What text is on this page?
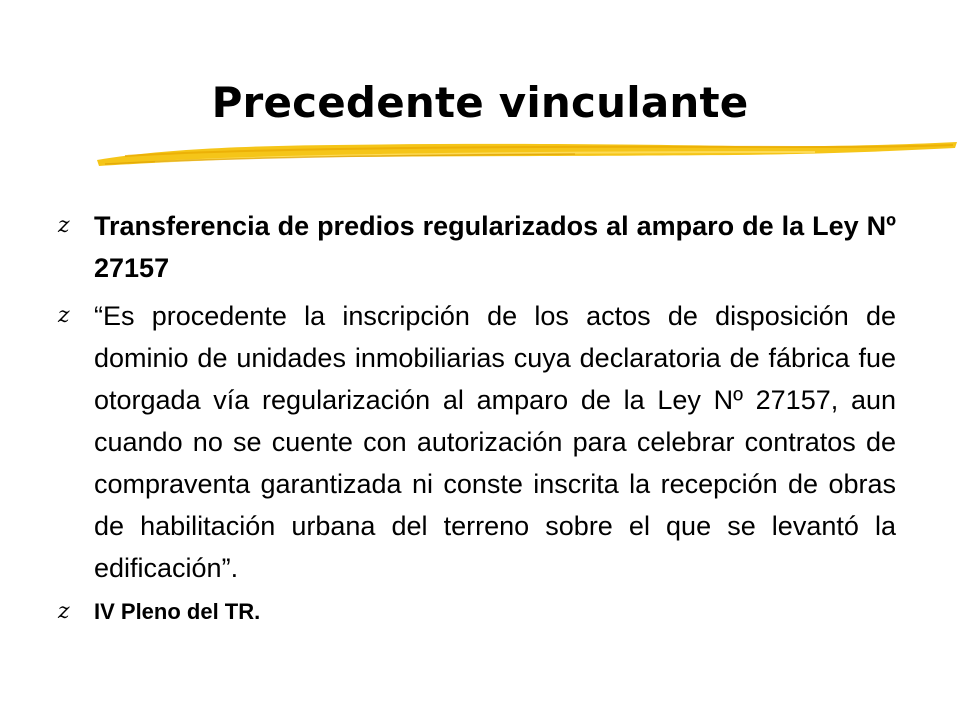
Precedente vinculante
z Transferencia de predios regularizados al amparo de la Ley Nº 27157
z “Es procedente la inscripción de los actos de disposición de dominio de unidades inmobiliarias cuya declaratoria de fábrica fue otorgada vía regularización al amparo de la Ley Nº 27157, aun cuando no se cuente con autorización para celebrar contratos de compraventa garantizada ni conste inscrita la recepción de obras de habilitación urbana del terreno sobre el que se levantó la edificación”.
z	IV Pleno del TR.
